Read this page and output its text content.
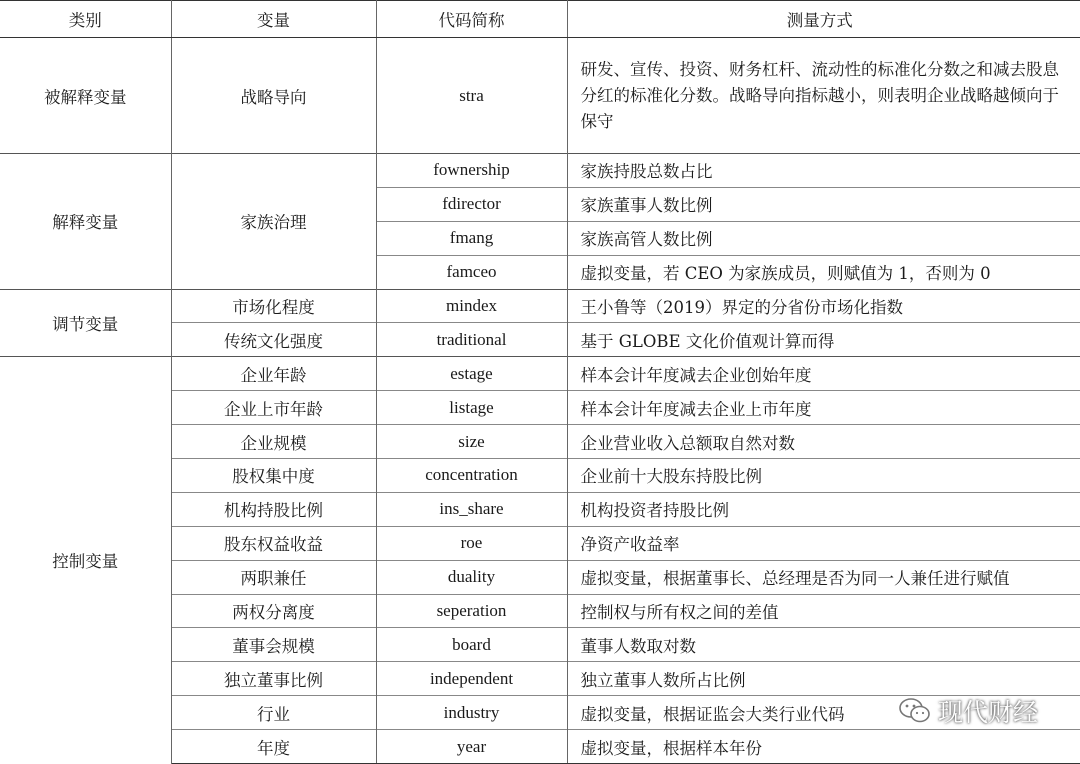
类别	变量	代码简称	测量方式
被解释变量	战略导向	stra	研发、宣传、投资、财务杠杆、流动性的标准化分数之和减去股息分红的标准化分数。战略导向指标越小，则表明企业战略越倾向于保守
解释变量	家族治理	fownership	家族持股总数占比
		fdirector	家族董事人数比例
		fmang	家族高管人数比例
		famceo	虚拟变量，若 CEO 为家族成员，则赋值为 1，否则为 0
调节变量	市场化程度	mindex	王小鲁等（2019）界定的分省份市场化指数
	传统文化强度	traditional	基于 GLOBE 文化价值观计算而得
控制变量	企业年龄	estage	样本会计年度减去企业创始年度
	企业上市年龄	listage	样本会计年度减去企业上市年度
	企业规模	size	企业营业收入总额取自然对数
	股权集中度	concentration	企业前十大股东持股比例
	机构持股比例	ins_share	机构投资者持股比例
	股东权益收益	roe	净资产收益率
	两职兼任	duality	虚拟变量，根据董事长、总经理是否为同一人兼任进行赋值
	两权分离度	seperation	控制权与所有权之间的差值
	董事会规模	board	董事人数取对数
	独立董事比例	independent	独立董事人数所占比例
	行业	industry	虚拟变量，根据证监会大类行业代码
	年度	year	虚拟变量，根据样本年份
现代财经
